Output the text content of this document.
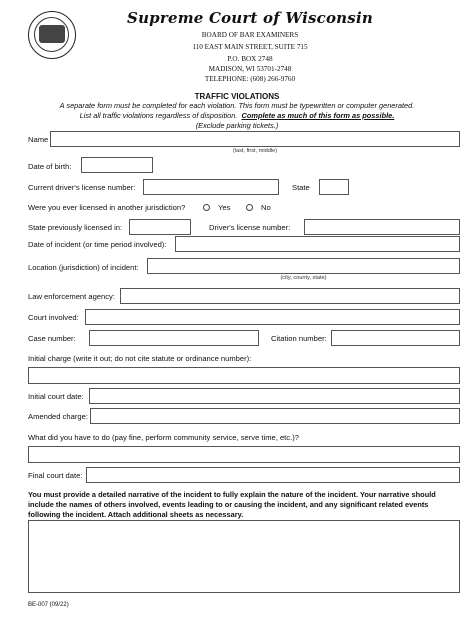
Supreme Court of Wisconsin
BOARD OF BAR EXAMINERS
110 EAST MAIN STREET, SUITE 715
P.O. BOX 2748
MADISON, WI 53701-2748
TELEPHONE: (608) 266-9760
TRAFFIC VIOLATIONS
A separate form must be completed for each violation. This form must be typewritten or computer generated.
List all traffic violations regardless of disposition. Complete as much of this form as possible.
(Exclude parking tickets.)
Name
(last, first, middle)
Date of birth:
Current driver's license number:	State
Were you ever licensed in another jurisdiction?	Yes	No
State previously licensed in:	Driver's license number:
Date of incident (or time period involved):
Location (jurisdiction) of incident:
(city, county, state)
Law enforcement agency:
Court involved:
Case number:	Citation number:
Initial charge (write it out; do not cite statute or ordinance number):
Initial court date:
Amended charge:
What did you have to do (pay fine, perform community service, serve time, etc.)?
Final court date:
You must provide a detailed narrative of the incident to fully explain the nature of the incident. Your narrative should include the names of others involved, events leading to or causing the incident, and any significant related events following the incident. Attach additional sheets as necessary.
BE-007 (09/22)
